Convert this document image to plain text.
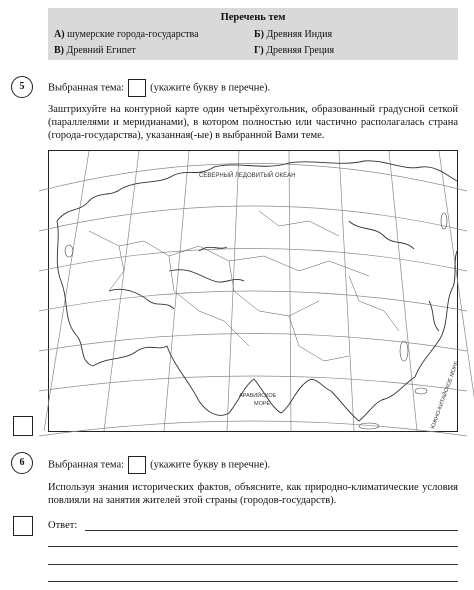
Перечень тем
А) шумерские города-государства	Б) Древняя Индия
В) Древний Египет	Г) Древняя Греция
5	Выбранная тема: (укажите букву в перечне).
Заштрихуйте на контурной карте один четырёхугольник, образованный градусной сеткой (параллелями и меридианами), в котором полностью или частично располагалась страна (города-государства), указанная(-ые) в выбранной Вами теме.
СЕВЕРНЫЙ ЛЕДОВИТЫЙ ОКЕАН
АРАВИЙСКОЕ
МОРЕ	ЮЖНО-КИТАЙСКОЕ МОРЕ
6	Выбранная тема: (укажите букву в перечне).
Используя знания исторических фактов, объясните, как природно-климатические условия повлияли на занятия жителей этой страны (городов-государств).
Ответ:
